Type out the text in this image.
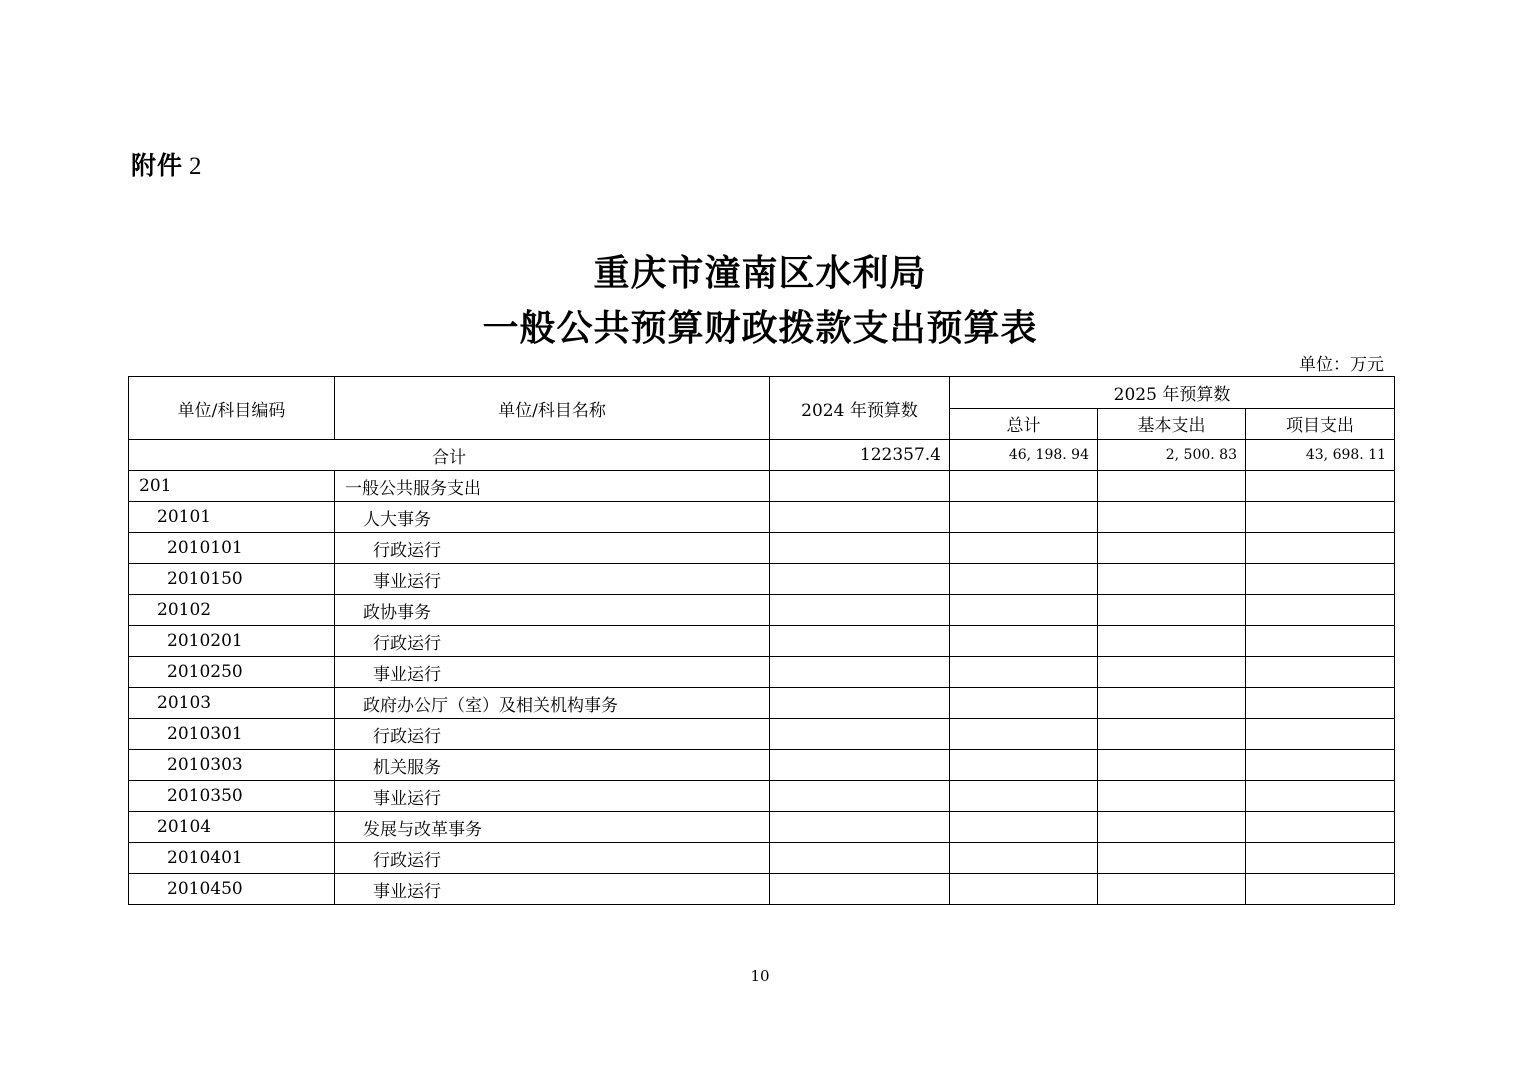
附件 2
重庆市潼南区水利局
一般公共预算财政拨款支出预算表
单位：万元
单位/科目编码	单位/科目名称	2024 年预算数	2025 年预算数		
			总计	基本支出	项目支出
合计		122357.4	46, 198. 94	2, 500. 83	43, 698. 11
201	一般公共服务支出				
20101	人大事务				
2010101	行政运行				
2010150	事业运行				
20102	政协事务				
2010201	行政运行				
2010250	事业运行				
20103	政府办公厅（室）及相关机构事务				
2010301	行政运行				
2010303	机关服务				
2010350	事业运行				
20104	发展与改革事务				
2010401	行政运行				
2010450	事业运行				
10
